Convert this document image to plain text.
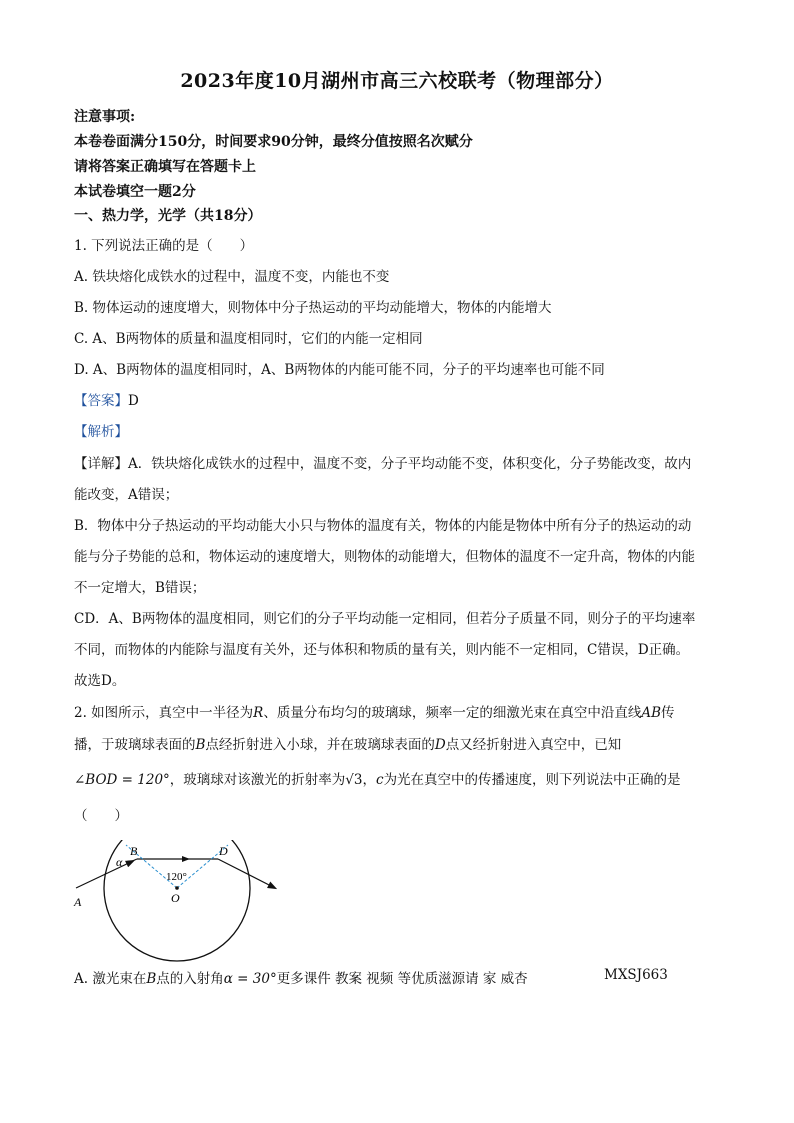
2023年度10月湖州市高三六校联考（物理部分）
注意事项:
本卷卷面满分150分，时间要求90分钟，最终分值按照名次赋分
请将答案正确填写在答题卡上
本试卷填空一题2分
一、热力学，光学（共18分）
1. 下列说法正确的是（　　）
A. 铁块熔化成铁水的过程中，温度不变，内能也不变
B. 物体运动的速度增大，则物体中分子热运动的平均动能增大，物体的内能增大
C. A、B两物体的质量和温度相同时，它们的内能一定相同
D. A、B两物体的温度相同时，A、B两物体的内能可能不同，分子的平均速率也可能不同
【答案】D
【解析】
【详解】A．铁块熔化成铁水的过程中，温度不变，分子平均动能不变，体积变化，分子势能改变，故内
能改变，A错误；
B．物体中分子热运动的平均动能大小只与物体的温度有关，物体的内能是物体中所有分子的热运动的动
能与分子势能的总和，物体运动的速度增大，则物体的动能增大，但物体的温度不一定升高，物体的内能
不一定增大，B错误；
CD．A、B两物体的温度相同，则它们的分子平均动能一定相同，但若分子质量不同，则分子的平均速率
不同，而物体的内能除与温度有关外，还与体积和物质的量有关，则内能不一定相同，C错误，D正确。
故选D。
2. 如图所示，真空中一半径为R、质量分布均匀的玻璃球，频率一定的细激光束在真空中沿直线AB传
播，于玻璃球表面的B点经折射进入小球，并在玻璃球表面的D点又经折射进入真空中，已知
∠BOD = 120°，玻璃球对该激光的折射率为√3，c为光在真空中的传播速度，则下列说法中正确的是
（　　）
A
B	D
O
α
120°
A. 激光束在B点的入射角α = 30°更多课件 教案 视频 等优质滋源请 家 威杏	MXSJ663
